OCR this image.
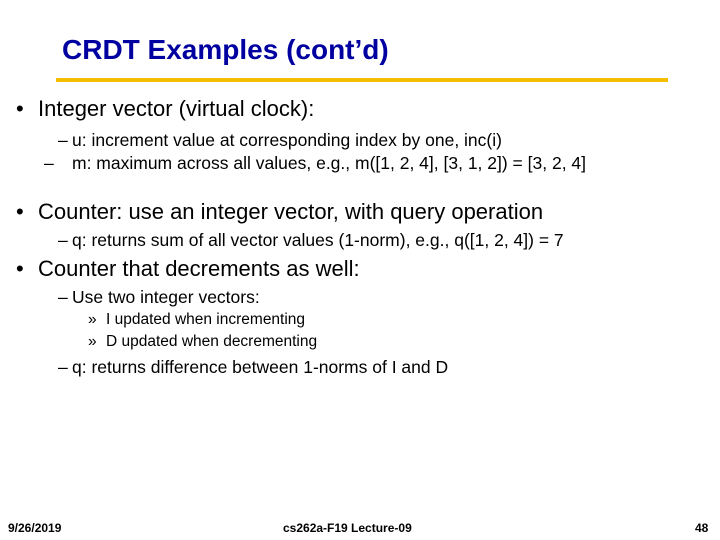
CRDT Examples (cont’d)
• Integer vector (virtual clock):
– u: increment value at corresponding index by one, inc(i)
– m: maximum across all values, e.g., m([1, 2, 4], [3, 1, 2]) = [3, 2, 4]
• Counter: use an integer vector, with query operation
– q: returns sum of all vector values (1-norm), e.g., q([1, 2, 4]) = 7
• Counter that decrements as well:
– Use two integer vectors:
» I updated when incrementing
» D updated when decrementing
– q: returns difference between 1-norms of I and D
9/26/2019	cs262a-F19 Lecture-09	48
